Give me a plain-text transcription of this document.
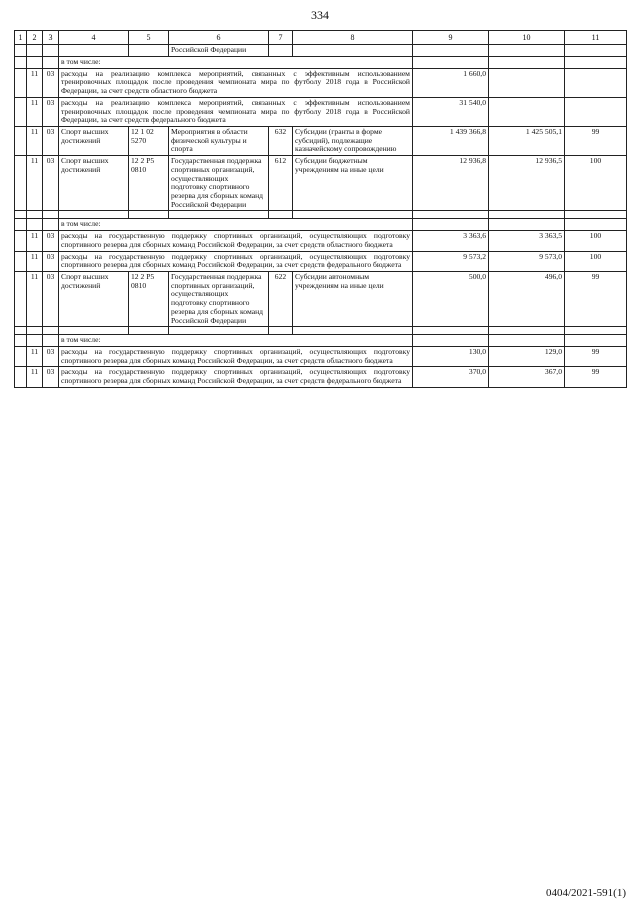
334
1	2	3	4	5	6	7	8	9	10	11
					Российской Федерации					
			в том числе:							
	11	03	расходы на реализацию комплекса мероприятий, связанных с эффективным использованием тренировочных площадок после проведения чемпионата мира по футболу 2018 года в Российской Федерации, за счет средств областного бюджета					1 660,0		
	11	03	расходы на реализацию комплекса мероприятий, связанных с эффективным использованием тренировочных площадок после проведения чемпионата мира по футболу 2018 года в Российской Федерации, за счет средств федерального бюджета					31 540,0		
	11	03	Спорт высших достижений	12 1 02 5270	Мероприятия в области физической культуры и спорта	632	Субсидии (гранты в форме субсидий), подлежащие казначейскому сопровождению	1 439 366,8	1 425 505,1	99
	11	03	Спорт высших достижений	12 2 P5 0810	Государственная поддержка спортивных организаций, осуществляющих подготовку спортивного резерва для сборных команд Российской Федерации	612	Субсидии бюджетным учреждениям на иные цели	12 936,8	12 936,5	100

			в том числе:							
	11	03	расходы на государственную поддержку спортивных организаций, осуществляющих подготовку спортивного резерва для сборных команд Российской Федерации, за счет средств областного бюджета					3 363,6	3 363,5	100
	11	03	расходы на государственную поддержку спортивных организаций, осуществляющих подготовку спортивного резерва для сборных команд Российской Федерации, за счет средств федерального бюджета					9 573,2	9 573,0	100
	11	03	Спорт высших достижений	12 2 P5 0810	Государственная поддержка спортивных организаций, осуществляющих подготовку спортивного резерва для сборных команд Российской Федерации	622	Субсидии автономным учреждениям на иные цели	500,0	496,0	99

			в том числе:							
	11	03	расходы на государственную поддержку спортивных организаций, осуществляющих подготовку спортивного резерва для сборных команд Российской Федерации, за счет средств областного бюджета					130,0	129,0	99
	11	03	расходы на государственную поддержку спортивных организаций, осуществляющих подготовку спортивного резерва для сборных команд Российской Федерации, за счет средств федерального бюджета					370,0	367,0	99
0404/2021-591(1)
